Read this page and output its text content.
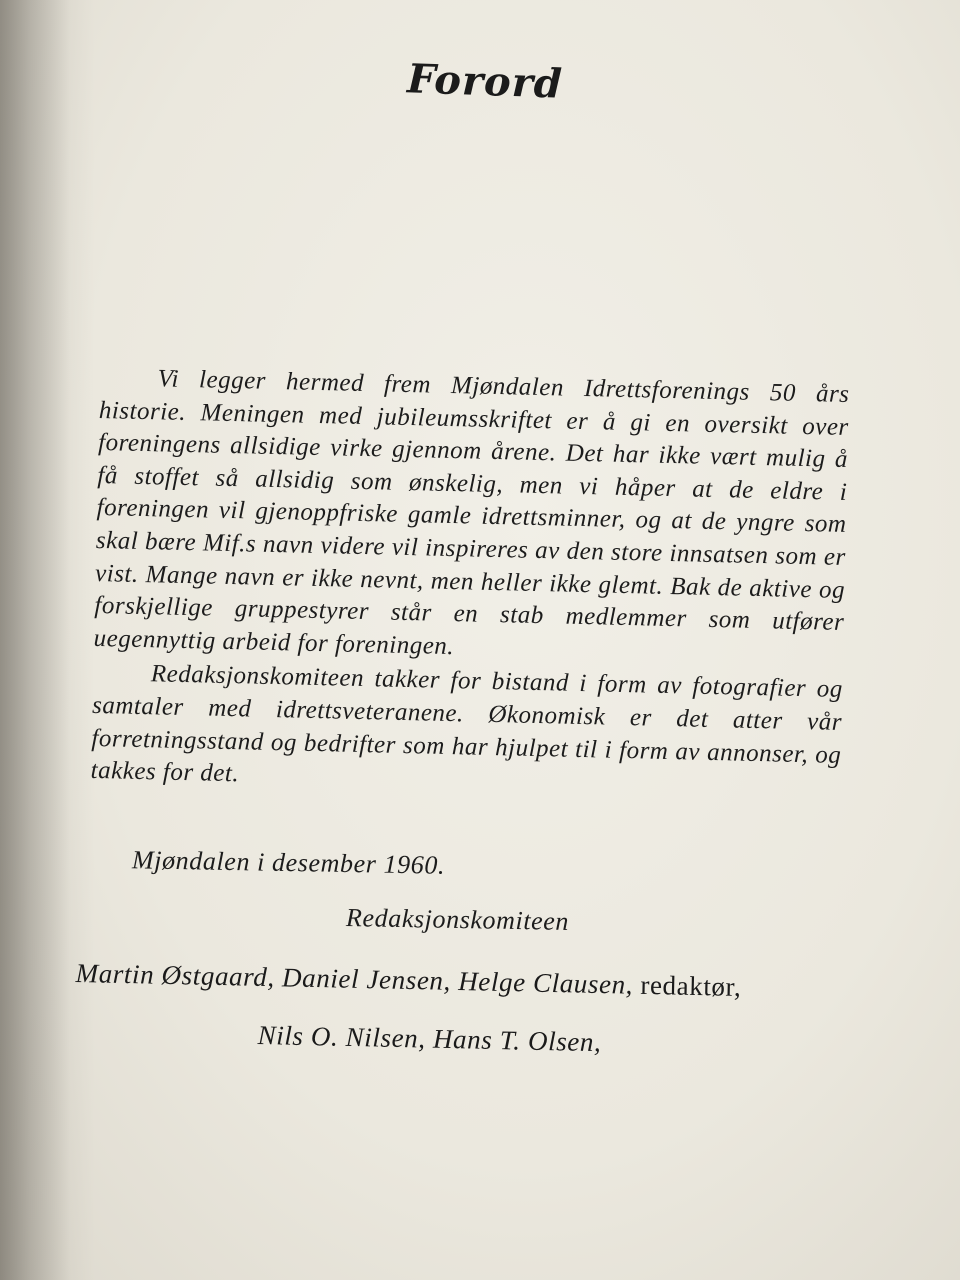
Forord

Vi legger hermed frem Mjøndalen Idrettsforenings 50 års historie. Meningen med jubileumsskriftet er å gi en oversikt over foreningens allsidige virke gjennom årene. Det har ikke vært mulig å få stoffet så allsidig som ønskelig, men vi håper at de eldre i foreningen vil gjenoppfriske gamle idrettsminner, og at de yngre som skal bære Mif.s navn videre vil inspireres av den store innsatsen som er vist. Mange navn er ikke nevnt, men heller ikke glemt. Bak de aktive og forskjellige gruppestyrer står en stab medlemmer som utfører uegennyttig arbeid for foreningen.

Redaksjonskomiteen takker for bistand i form av fotografier og samtaler med idrettsveteranene. Økonomisk er det atter vår forretningsstand og bedrifter som har hjulpet til i form av annonser, og takkes for det.

Mjøndalen i desember 1960.
Redaksjonskomiteen
Martin Østgaard, Daniel Jensen, Helge Clausen, redaktør,
Nils O. Nilsen, Hans T. Olsen,
